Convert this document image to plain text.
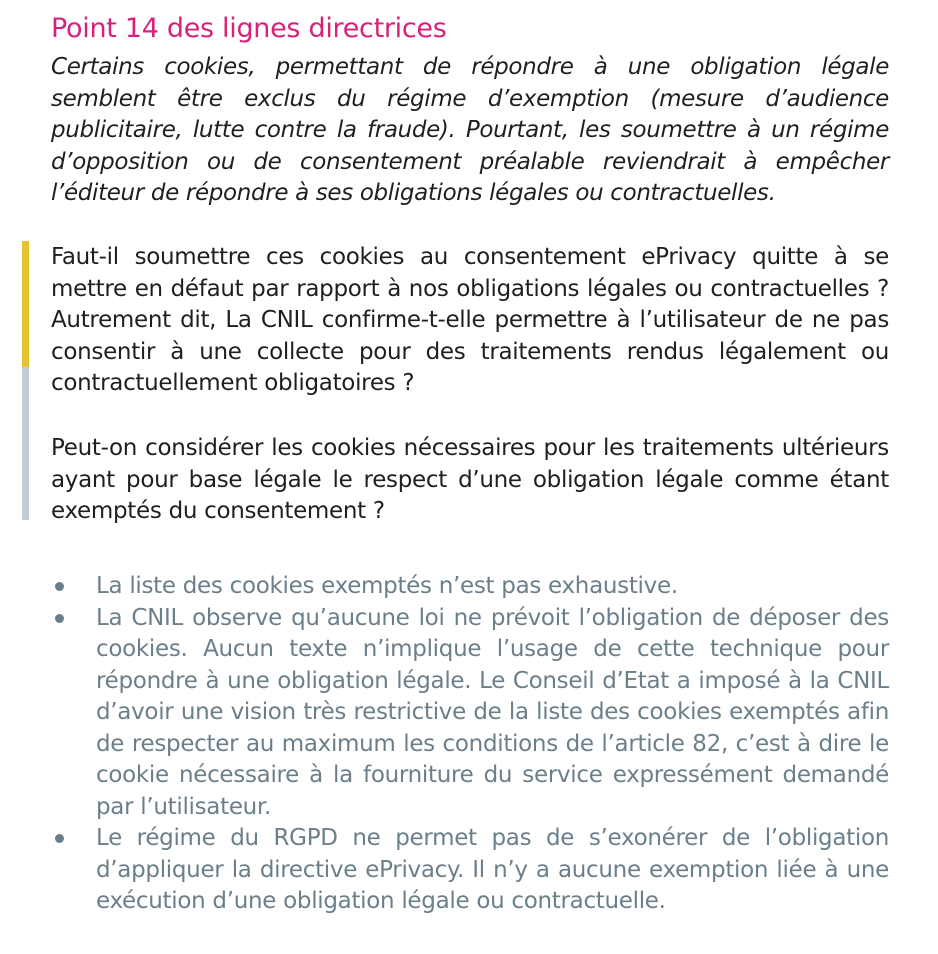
Point 14 des lignes directrices
Certains cookies, permettant de répondre à une obligation légale semblent être exclus du régime d’exemption (mesure d’audience publicitaire, lutte contre la fraude). Pourtant, les soumettre à un régime d’opposition ou de consentement préalable reviendrait à empêcher l’éditeur de répondre à ses obligations légales ou contractuelles.
Faut-il soumettre ces cookies au consentement ePrivacy quitte à se mettre en défaut par rapport à nos obligations légales ou contractuelles ? Autrement dit, La CNIL confirme-t-elle permettre à l’utilisateur de ne pas consentir à une collecte pour des traitements rendus légalement ou contractuellement obligatoires ?
Peut-on considérer les cookies nécessaires pour les traitements ultérieurs ayant pour base légale le respect d’une obligation légale comme étant exemptés du consentement ?
La liste des cookies exemptés n’est pas exhaustive.
La CNIL observe qu’aucune loi ne prévoit l’obligation de déposer des cookies. Aucun texte n’implique l’usage de cette technique pour répondre à une obligation légale. Le Conseil d’Etat a imposé à la CNIL d’avoir une vision très restrictive de la liste des cookies exemptés afin de respecter au maximum les conditions de l’article 82, c’est à dire le cookie nécessaire à la fourniture du service expressément demandé par l’utilisateur.
Le régime du RGPD ne permet pas de s’exonérer de l’obligation d’appliquer la directive ePrivacy. Il n’y a aucune exemption liée à une exécution d’une obligation légale ou contractuelle.
